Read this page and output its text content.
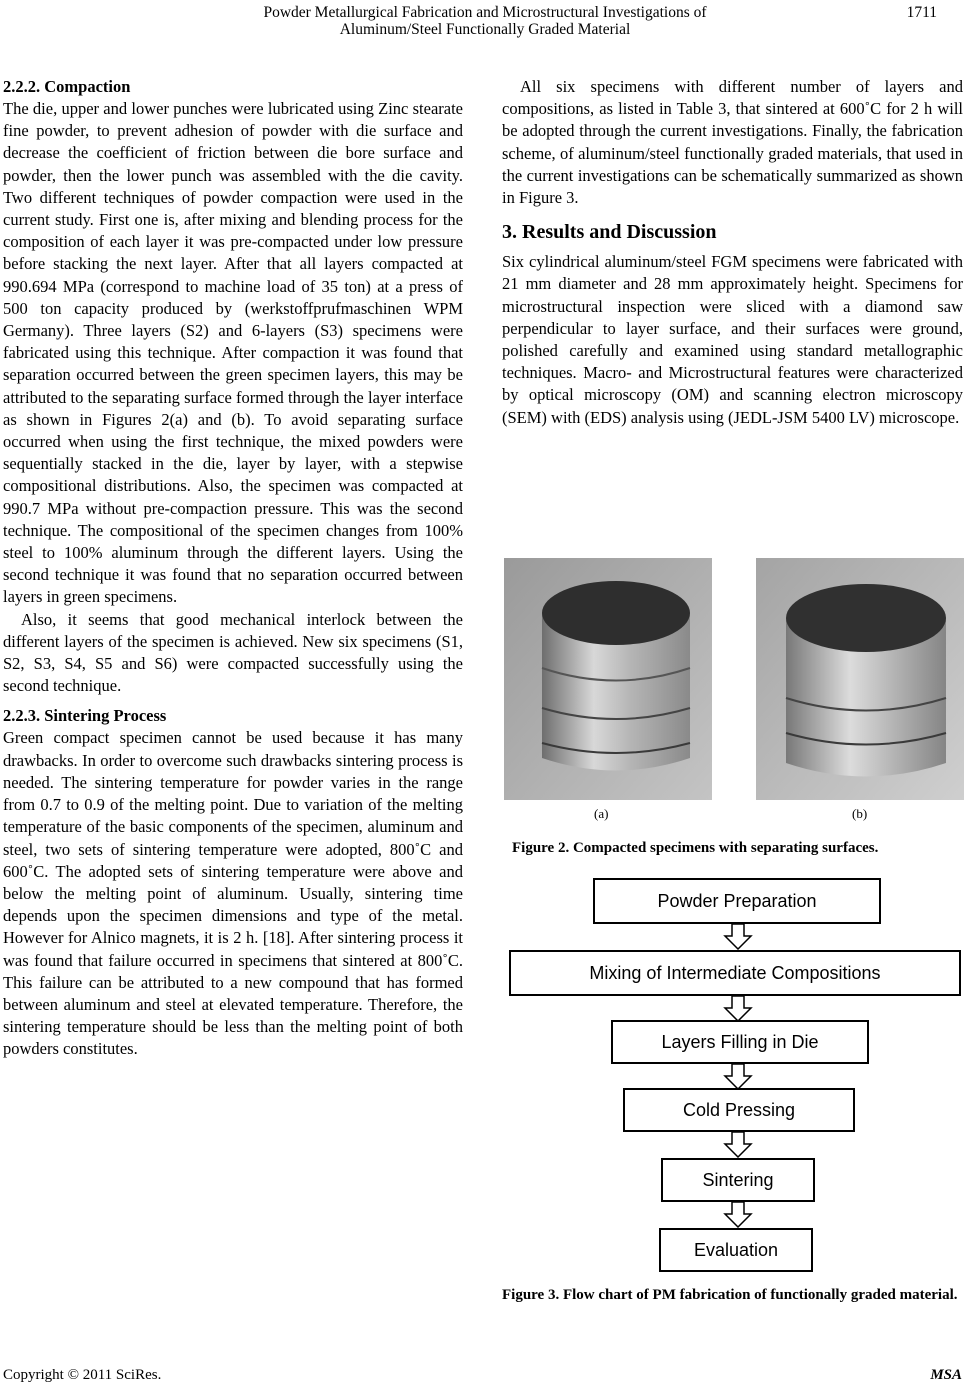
Powder Metallurgical Fabrication and Microstructural Investigations of
Aluminum/Steel Functionally Graded Material
1711
2.2.2. Compaction

The die, upper and lower punches were lubricated using Zinc stearate fine powder, to prevent adhesion of powder with die surface and decrease the coefficient of friction between die bore surface and powder, then the lower punch was assembled with the die cavity. Two different techniques of powder compaction were used in the current study. First one is, after mixing and blending process for the composition of each layer it was pre-compacted under low pressure before stacking the next layer. After that all layers compacted at 990.694 MPa (correspond to machine load of 35 ton) at a press of 500 ton capacity produced by (werkstoffprufmaschinen WPM Germany). Three layers (S2) and 6-layers (S3) specimens were fabricated using this technique. After compaction it was found that separation occurred between the green specimen layers, this may be attributed to the separating surface formed through the layer interface as shown in Figures 2(a) and (b). To avoid separating surface occurred when using the first technique, the mixed powders were sequentially stacked in the die, layer by layer, with a stepwise compositional distributions. Also, the specimen was compacted at 990.7 MPa without pre-compaction pressure. This was the second technique. The compositional of the specimen changes from 100% steel to 100% aluminum through the different layers. Using the second technique it was found that no separation occurred between layers in green specimens.

Also, it seems that good mechanical interlock between the different layers of the specimen is achieved. New six specimens (S1, S2, S3, S4, S5 and S6) were compacted successfully using the second technique.

2.2.3. Sintering Process

Green compact specimen cannot be used because it has many drawbacks. In order to overcome such drawbacks sintering process is needed. The sintering temperature for powder varies in the range from 0.7 to 0.9 of the melting point. Due to variation of the melting temperature of the basic components of the specimen, aluminum and steel, two sets of sintering temperature were adopted, 800˚C and 600˚C. The adopted sets of sintering temperature were above and below the melting point of aluminum. Usually, sintering time depends upon the specimen dimensions and type of the metal. However for Alnico magnets, it is 2 h. [18]. After sintering process it was found that failure occurred in specimens that sintered at 800˚C. This failure can be attributed to a new compound that has formed between aluminum and steel at elevated temperature. Therefore, the sintering temperature should be less than the melting point of both powders constitutes.

All six specimens with different number of layers and compositions, as listed in Table 3, that sintered at 600˚C for 2 h will be adopted through the current investigations. Finally, the fabrication scheme, of aluminum/steel functionally graded materials, that used in the current investigations can be schematically summarized as shown in Figure 3.

3. Results and Discussion

Six cylindrical aluminum/steel FGM specimens were fabricated with 21 mm diameter and 28 mm approximately height. Specimens for microstructural inspection were sliced with a diamond saw perpendicular to layer surface, and their surfaces were ground, polished carefully and examined using standard metallographic techniques. Macro- and Microstructural features were characterized by optical microscopy (OM) and scanning electron microscopy (SEM) with (EDS) analysis using (JEDL-JSM 5400 LV) microscope.

(a)	(b)
Figure 2. Compacted specimens with separating surfaces.
Powder Preparation
Mixing of Intermediate Compositions
Layers Filling in Die
Cold Pressing
Sintering
Evaluation
Figure 3. Flow chart of PM fabrication of functionally graded material.
Copyright © 2011 SciRes.	MSA
